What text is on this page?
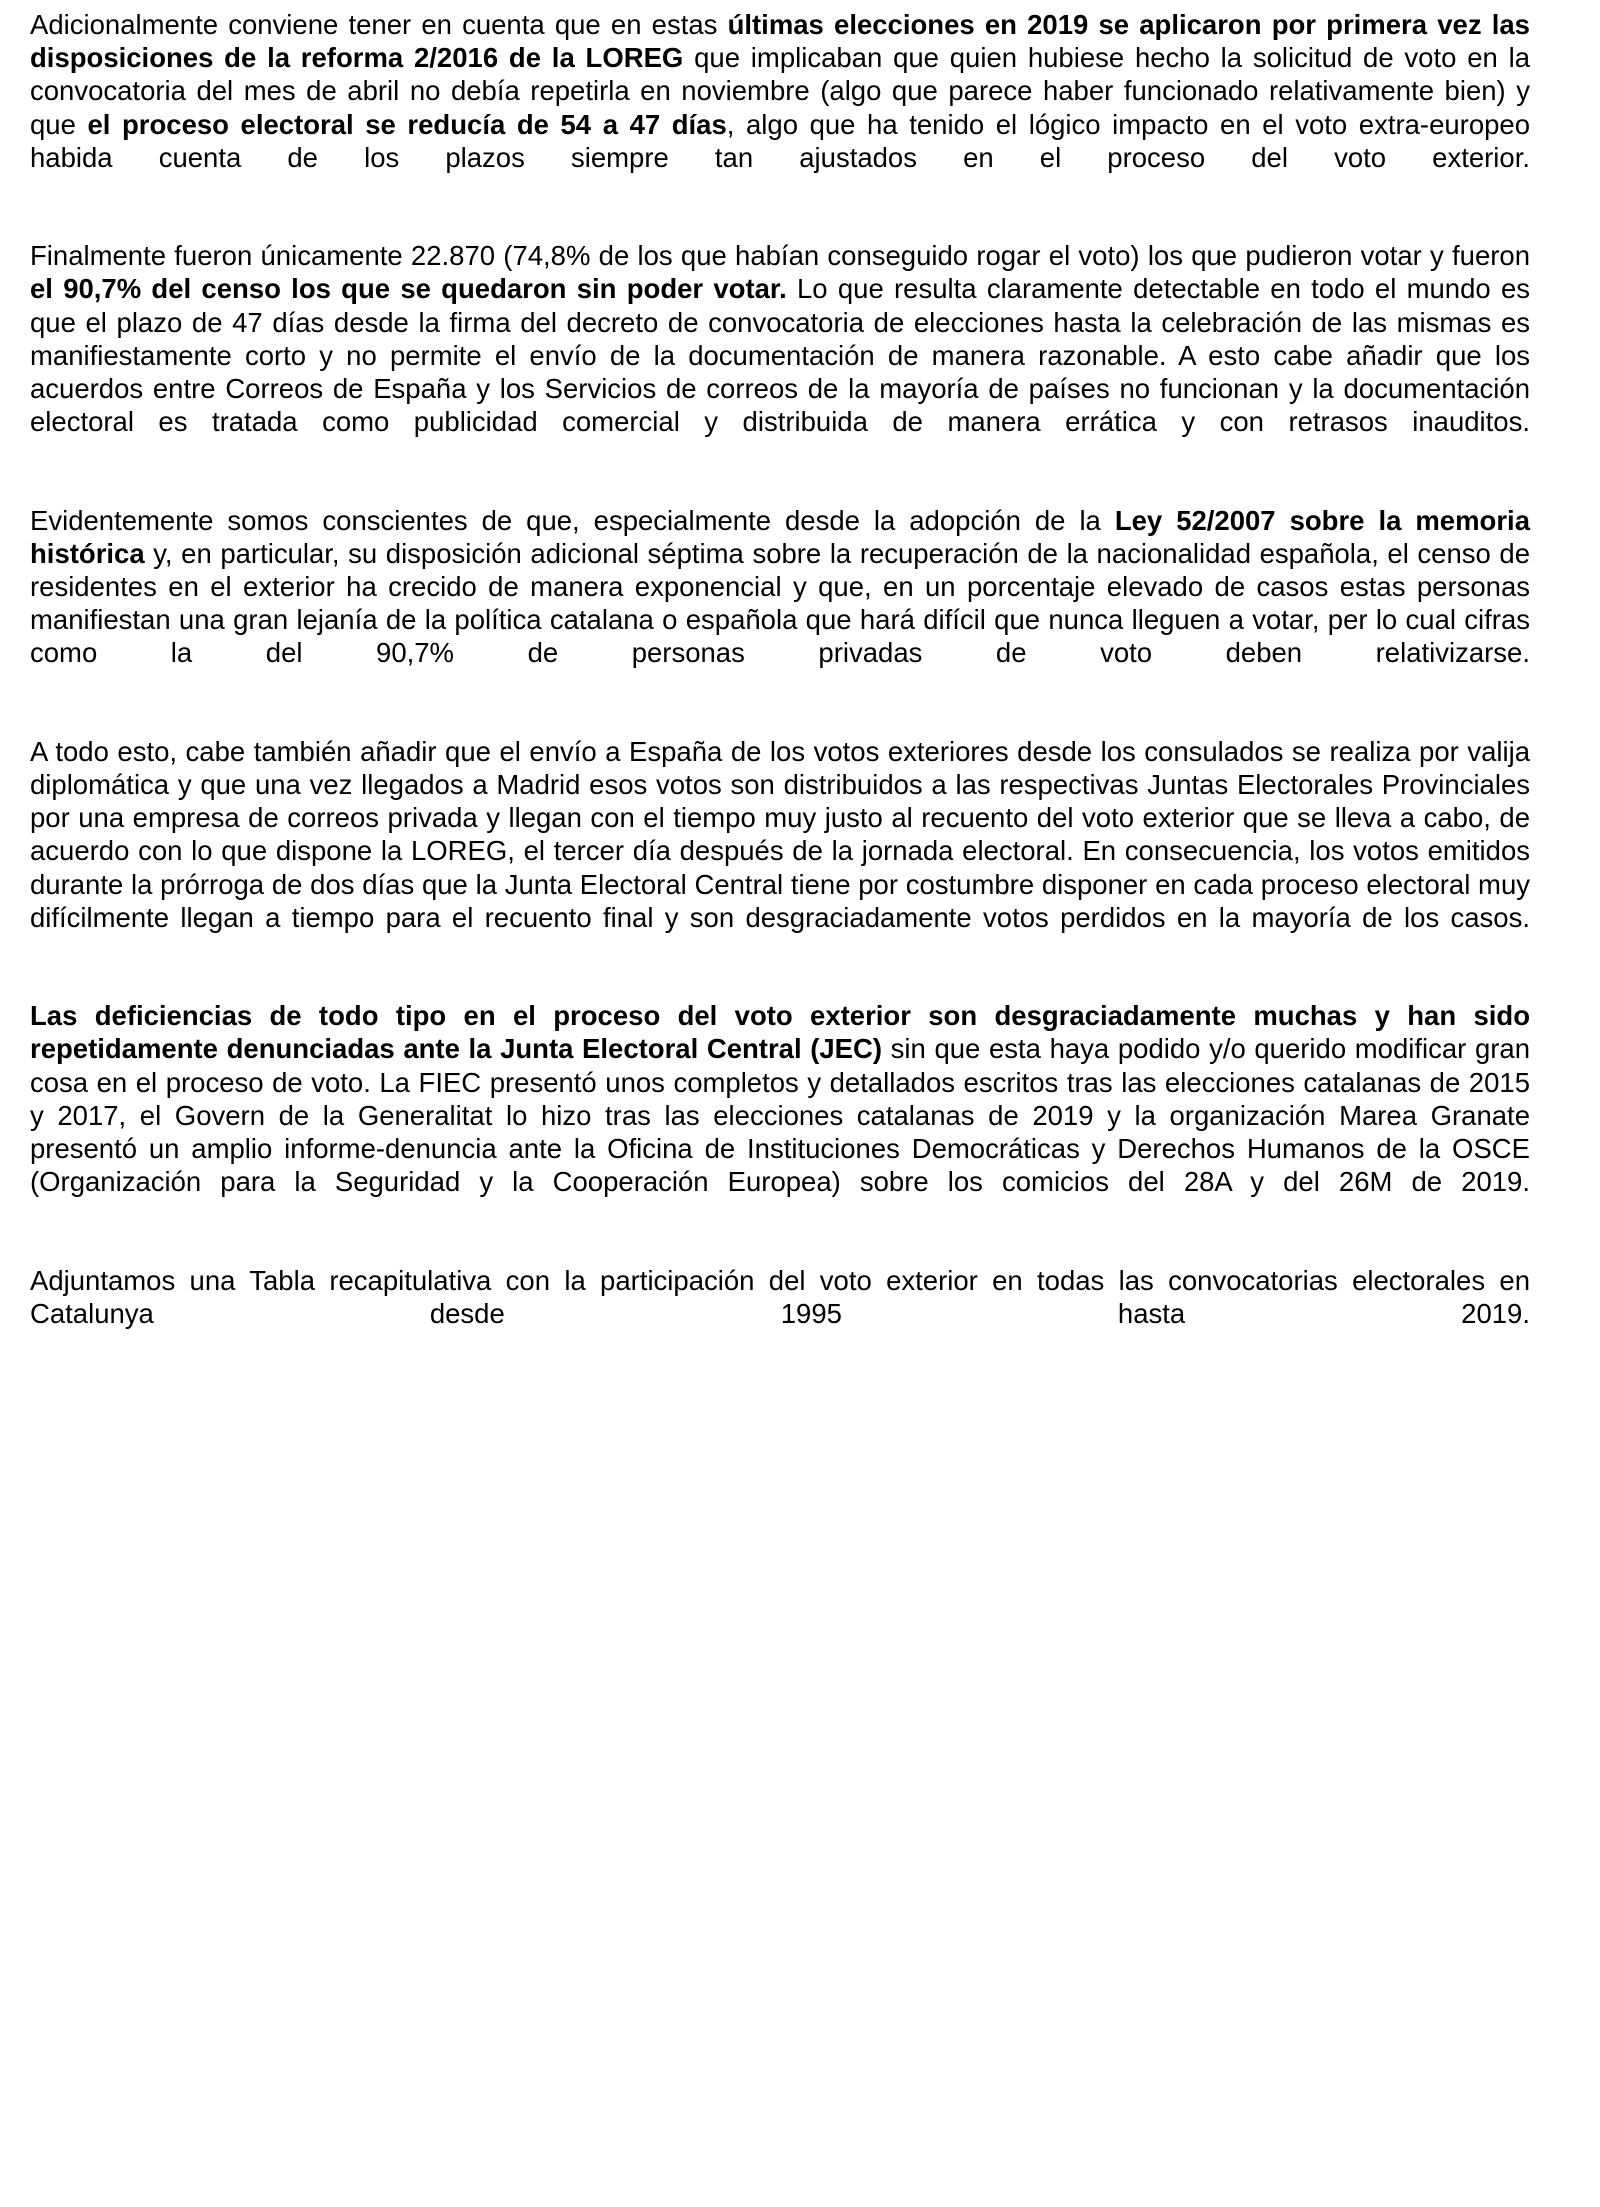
Adicionalmente conviene tener en cuenta que en estas últimas elecciones en 2019 se aplicaron por primera vez las disposiciones de la reforma 2/2016 de la LOREG que implicaban que quien hubiese hecho la solicitud de voto en la convocatoria del mes de abril no debía repetirla en noviembre (algo que parece haber funcionado relativamente bien) y que el proceso electoral se reducía de 54 a 47 días, algo que ha tenido el lógico impacto en el voto extra-europeo habida cuenta de los plazos siempre tan ajustados en el proceso del voto exterior.

Finalmente fueron únicamente 22.870 (74,8% de los que habían conseguido rogar el voto) los que pudieron votar y fueron el 90,7% del censo los que se quedaron sin poder votar. Lo que resulta claramente detectable en todo el mundo es que el plazo de 47 días desde la firma del decreto de convocatoria de elecciones hasta la celebración de las mismas es manifiestamente corto y no permite el envío de la documentación de manera razonable. A esto cabe añadir que los acuerdos entre Correos de España y los Servicios de correos de la mayoría de países no funcionan y la documentación electoral es tratada como publicidad comercial y distribuida de manera errática y con retrasos inauditos.

Evidentemente somos conscientes de que, especialmente desde la adopción de la Ley 52/2007 sobre la memoria histórica y, en particular, su disposición adicional séptima sobre la recuperación de la nacionalidad española, el censo de residentes en el exterior ha crecido de manera exponencial y que, en un porcentaje elevado de casos estas personas manifiestan una gran lejanía de la política catalana o española que hará difícil que nunca lleguen a votar, per lo cual cifras como la del 90,7% de personas privadas de voto deben relativizarse.

A todo esto, cabe también añadir que el envío a España de los votos exteriores desde los consulados se realiza por valija diplomática y que una vez llegados a Madrid esos votos son distribuidos a las respectivas Juntas Electorales Provinciales por una empresa de correos privada y llegan con el tiempo muy justo al recuento del voto exterior que se lleva a cabo, de acuerdo con lo que dispone la LOREG, el tercer día después de la jornada electoral. En consecuencia, los votos emitidos durante la prórroga de dos días que la Junta Electoral Central tiene por costumbre disponer en cada proceso electoral muy difícilmente llegan a tiempo para el recuento final y son desgraciadamente votos perdidos en la mayoría de los casos.

Las deficiencias de todo tipo en el proceso del voto exterior son desgraciadamente muchas y han sido repetidamente denunciadas ante la Junta Electoral Central (JEC) sin que esta haya podido y/o querido modificar gran cosa en el proceso de voto. La FIEC presentó unos completos y detallados escritos tras las elecciones catalanas de 2015 y 2017, el Govern de la Generalitat lo hizo tras las elecciones catalanas de 2019 y la organización Marea Granate presentó un amplio informe-denuncia ante la Oficina de Instituciones Democráticas y Derechos Humanos de la OSCE (Organización para la Seguridad y la Cooperación Europea) sobre los comicios del 28A y del 26M de 2019.

Adjuntamos una Tabla recapitulativa con la participación del voto exterior en todas las convocatorias electorales en Catalunya desde 1995 hasta 2019.
